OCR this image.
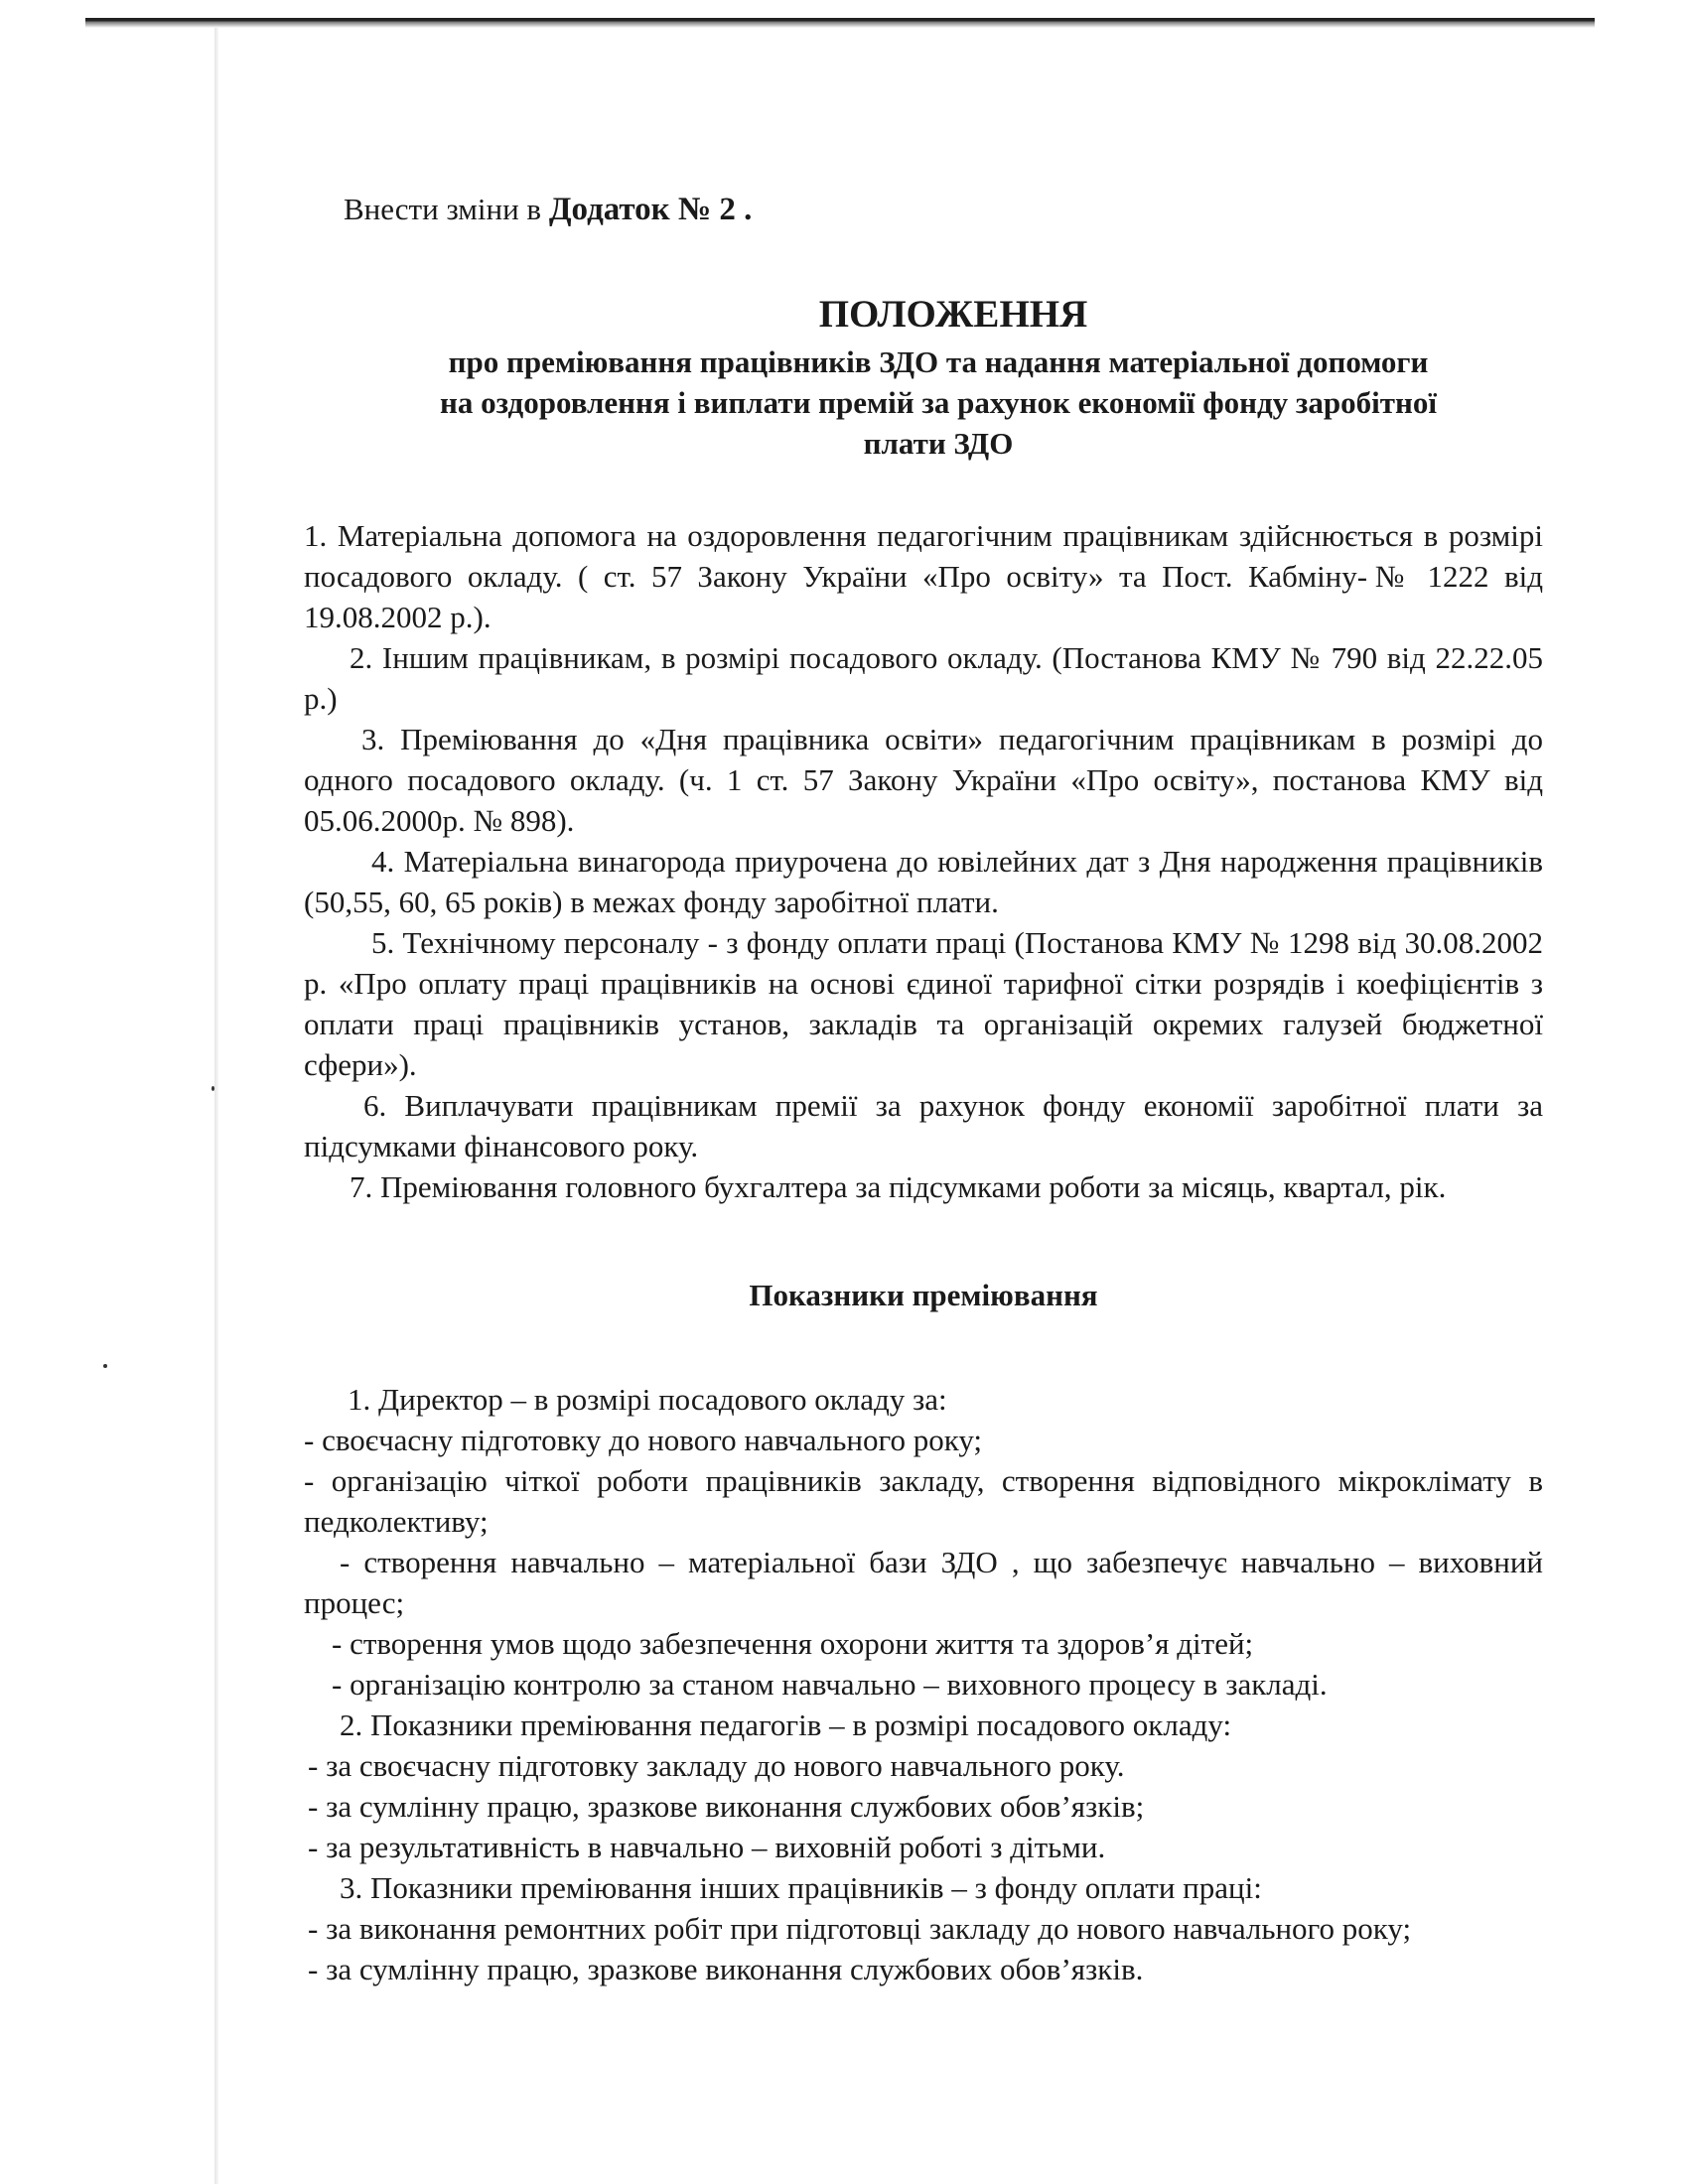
Внести зміни в Додаток № 2 .
ПОЛОЖЕННЯ
про преміювання працівників ЗДО та надання матеріальної допомоги
на оздоровлення і виплати премій за рахунок економії фонду заробітної
плати ЗДО
1. Матеріальна допомога на оздоровлення педагогічним працівникам здійснюється в розмірі посадового окладу. ( ст. 57 Закону України «Про освіту» та Пост. Кабміну-№ 1222 від 19.08.2002 р.).
2. Іншим працівникам, в розмірі посадового окладу. (Постанова КМУ № 790 від 22.22.05 р.)
3. Преміювання до «Дня працівника освіти» педагогічним працівникам в розмірі до одного посадового окладу. (ч. 1 ст. 57 Закону України «Про освіту», постанова КМУ від 05.06.2000р. № 898).
4. Матеріальна винагорода приурочена до ювілейних дат з Дня народження працівників (50,55, 60, 65 років) в межах фонду заробітної плати.
5. Технічному персоналу - з фонду оплати праці (Постанова КМУ № 1298 від 30.08.2002 р. «Про оплату праці працівників на основі єдиної тарифної сітки розрядів і коефіцієнтів з оплати праці працівників установ, закладів та організацій окремих галузей бюджетної сфери»).
6. Виплачувати працівникам премії за рахунок фонду економії заробітної плати за підсумками фінансового року.
7. Преміювання головного бухгалтера за підсумками роботи за місяць, квартал, рік.
Показники преміювання
1. Директор – в розмірі посадового окладу за:
- своєчасну підготовку до нового навчального року;
- організацію чіткої роботи працівників закладу, створення відповідного мікроклімату в педколективу;
- створення навчально – матеріальної бази ЗДО , що забезпечує навчально – виховний процес;
- створення умов щодо забезпечення охорони життя та здоров’я дітей;
- організацію контролю за станом навчально – виховного процесу в закладі.
2. Показники преміювання педагогів – в розмірі посадового окладу:
- за своєчасну підготовку закладу до нового навчального року.
- за сумлінну працю, зразкове виконання службових обов’язків;
- за результативність в навчально – виховній роботі з дітьми.
3. Показники преміювання інших працівників – з фонду оплати праці:
- за виконання ремонтних робіт при підготовці закладу до нового навчального року;
- за сумлінну працю, зразкове виконання службових обов’язків.
